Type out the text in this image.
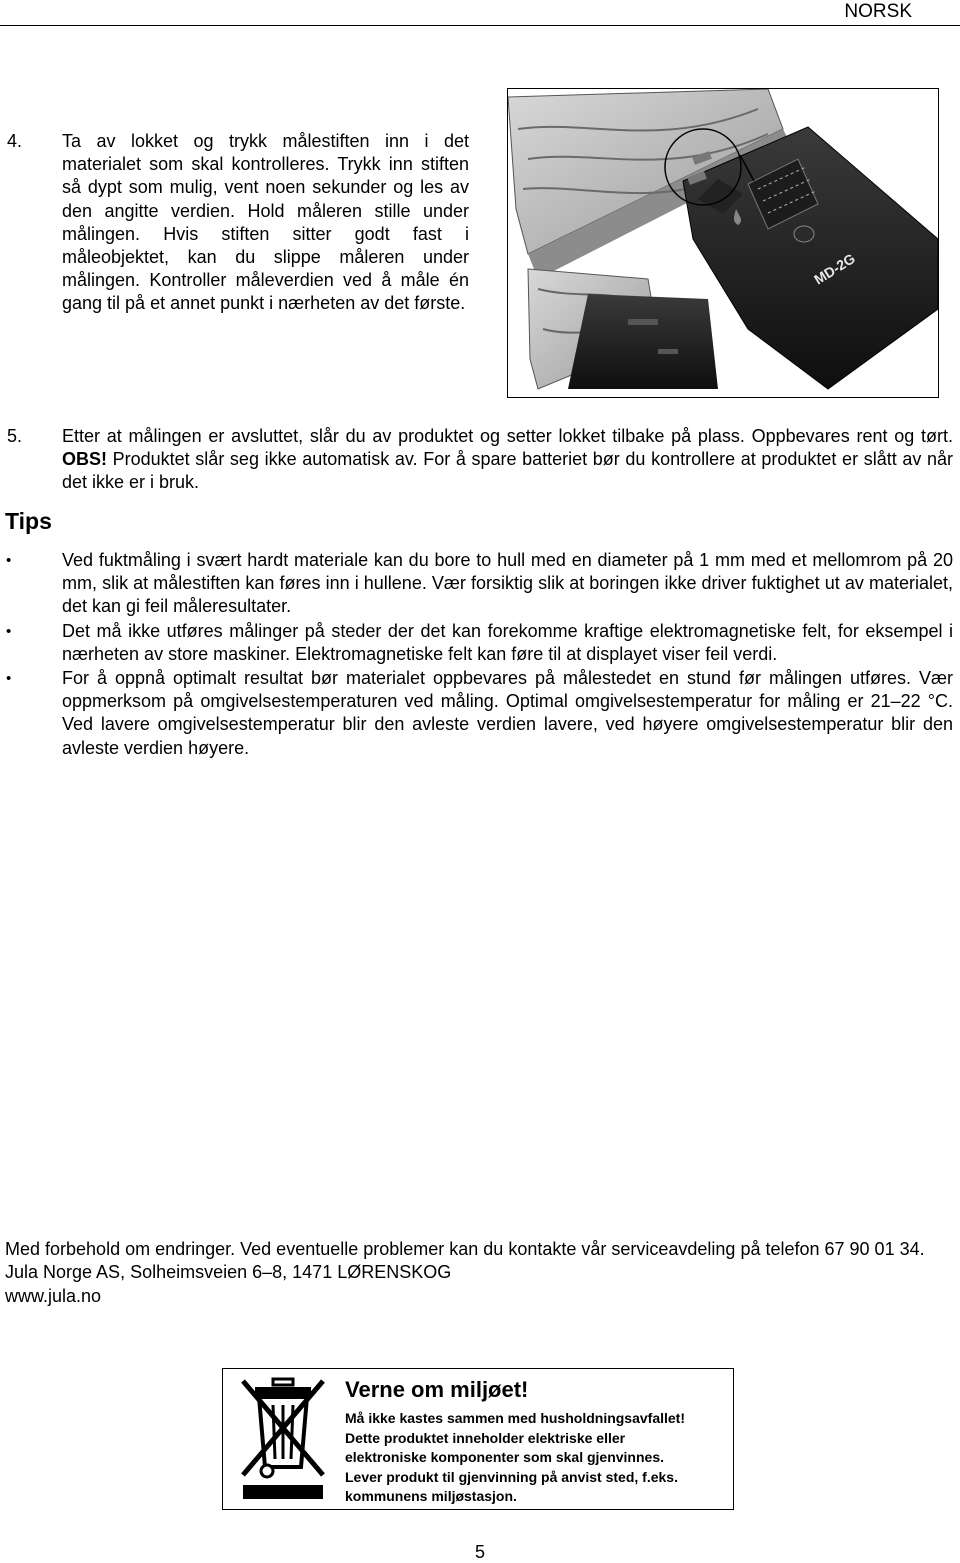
NORSK
4. Ta av lokket og trykk målestiften inn i det materialet som skal kontrolleres. Trykk inn stiften så dypt som mulig, vent noen sekunder og les av den angitte verdien. Hold måleren stille under målingen. Hvis stiften sitter godt fast i måleobjektet, kan du slippe måleren under målingen. Kontroller måleverdien ved å måle én gang til på et annet punkt i nærheten av det første.
MD-2G
5. Etter at målingen er avsluttet, slår du av produktet og setter lokket tilbake på plass. Oppbevares rent og tørt. OBS! Produktet slår seg ikke automatisk av. For å spare batteriet bør du kontrollere at produktet er slått av når det ikke er i bruk.
Tips
•	Ved fuktmåling i svært hardt materiale kan du bore to hull med en diameter på 1 mm med et mellomrom på 20 mm, slik at målestiften kan føres inn i hullene. Vær forsiktig slik at boringen ikke driver fuktighet ut av materialet, det kan gi feil måleresultater.
•	Det må ikke utføres målinger på steder der det kan forekomme kraftige elektromagnetiske felt, for eksempel i nærheten av store maskiner. Elektromagnetiske felt kan føre til at displayet viser feil verdi.
•	For å oppnå optimalt resultat bør materialet oppbevares på målestedet en stund før målingen utføres. Vær oppmerksom på omgivelsestemperaturen ved måling. Optimal omgivelsestemperatur for måling er 21–22 °C. Ved lavere omgivelsestemperatur blir den avleste verdien lavere, ved høyere omgivelsestemperatur blir den avleste verdien høyere.

Med forbehold om endringer. Ved eventuelle problemer kan du kontakte vår serviceavdeling på telefon 67 90 01 34.

Jula Norge AS, Solheimsveien 6–8, 1471 LØRENSKOG

www.jula.no

Verne om miljøet!

Må ikke kastes sammen med husholdningsavfallet!

Dette produktet inneholder elektriske eller

elektroniske komponenter som skal gjenvinnes.

Lever produkt til gjenvinning på anvist sted, f.eks.

kommunens miljøstasjon.

5
